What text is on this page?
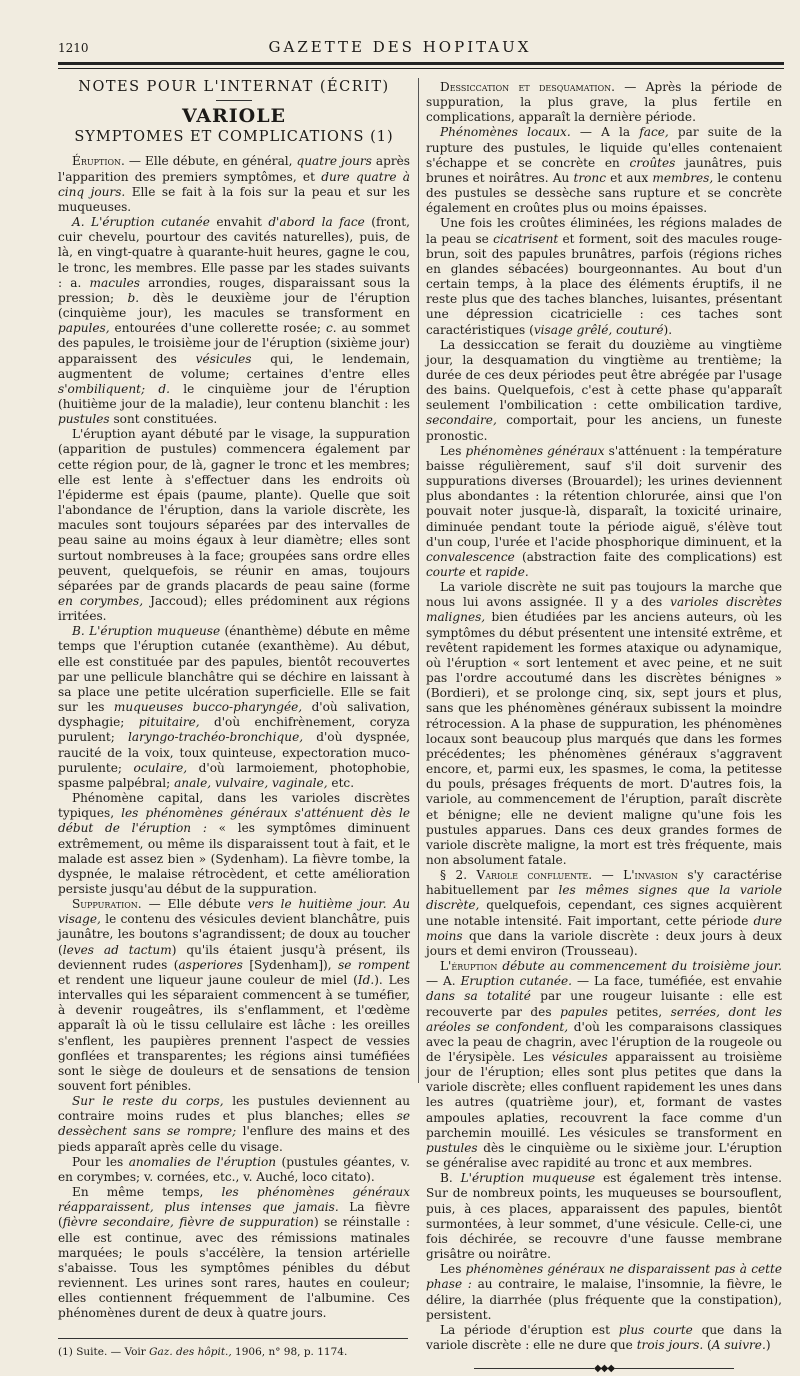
1210	GAZETTE DES HOPITAUX
NOTES POUR L'INTERNAT (ÉCRIT)
VARIOLE
SYMPTOMES ET COMPLICATIONS (1)

Éruption. — Elle débute, en général, quatre jours après l'apparition des premiers symptômes, et dure quatre à cinq jours. Elle se fait à la fois sur la peau et sur les muqueuses.

A. L'éruption cutanée envahit d'abord la face (front, cuir chevelu, pourtour des cavités naturelles), puis, de là, en vingt-quatre à quarante-huit heures, gagne le cou, le tronc, les membres. Elle passe par les stades suivants : a. macules arrondies, rouges, disparaissant sous la pression; b. dès le deuxième jour de l'éruption (cinquième jour), les macules se transforment en papules, entourées d'une collerette rosée; c. au sommet des papules, le troisième jour de l'éruption (sixième jour) apparaissent des vésicules qui, le lendemain, augmentent de volume; certaines d'entre elles s'ombiliquent; d. le cinquième jour de l'éruption (huitième jour de la maladie), leur contenu blanchit : les pustules sont constituées.

L'éruption ayant débuté par le visage, la suppuration (apparition de pustules) commencera également par cette région pour, de là, gagner le tronc et les membres; elle est lente à s'effectuer dans les endroits où l'épiderme est épais (paume, plante). Quelle que soit l'abondance de l'éruption, dans la variole discrète, les macules sont toujours séparées par des intervalles de peau saine au moins égaux à leur diamètre; elles sont surtout nombreuses à la face; groupées sans ordre elles peuvent, quelquefois, se réunir en amas, toujours séparées par de grands placards de peau saine (forme en corymbes, Jaccoud); elles prédominent aux régions irritées.

B. L'éruption muqueuse (énanthème) débute en même temps que l'éruption cutanée (exanthème). Au début, elle est constituée par des papules, bientôt recouvertes par une pellicule blanchâtre qui se déchire en laissant à sa place une petite ulcération superficielle. Elle se fait sur les muqueuses bucco-pharyngée, d'où salivation, dysphagie; pituitaire, d'où enchifrènement, coryza purulent; laryngo-trachéo-bronchique, d'où dyspnée, raucité de la voix, toux quinteuse, expectoration muco-purulente; oculaire, d'où larmoiement, photophobie, spasme palpébral; anale, vulvaire, vaginale, etc.

Phénomène capital, dans les varioles discrètes typiques, les phénomènes généraux s'atténuent dès le début de l'éruption : « les symptômes diminuent extrêmement, ou même ils disparaissent tout à fait, et le malade est assez bien » (Sydenham). La fièvre tombe, la dyspnée, le malaise rétrocèdent, et cette amélioration persiste jusqu'au début de la suppuration.

Suppuration. — Elle débute vers le huitième jour. Au visage, le contenu des vésicules devient blanchâtre, puis jaunâtre, les boutons s'agrandissent; de doux au toucher (leves ad tactum) qu'ils étaient jusqu'à présent, ils deviennent rudes (asperiores [Sydenham]), se rompent et rendent une liqueur jaune couleur de miel (Id.). Les intervalles qui les séparaient commencent à se tuméfier, à devenir rougeâtres, ils s'enflamment, et l'œdème apparaît là où le tissu cellulaire est lâche : les oreilles s'enflent, les paupières prennent l'aspect de vessies gonflées et transparentes; les régions ainsi tuméfiées sont le siège de douleurs et de sensations de tension souvent fort pénibles.

Sur le reste du corps, les pustules deviennent au contraire moins rudes et plus blanches; elles se dessèchent sans se rompre; l'enflure des mains et des pieds apparaît après celle du visage.

Pour les anomalies de l'éruption (pustules géantes, v. en corymbes; v. cornées, etc., v. Auché, loco citato).

En même temps, les phénomènes généraux réapparaissent, plus intenses que jamais. La fièvre (fièvre secondaire, fièvre de suppuration) se réinstalle : elle est continue, avec des rémissions matinales marquées; le pouls s'accélère, la tension artérielle s'abaisse. Tous les symptômes pénibles du début reviennent. Les urines sont rares, hautes en couleur; elles contiennent fréquemment de l'albumine. Ces phénomènes durent de deux à quatre jours.

(1) Suite. — Voir Gaz. des hôpit., 1906, n° 98, p. 1174.

Dessiccation et desquamation. — Après la période de suppuration, la plus grave, la plus fertile en complications, apparaît la dernière période.

Phénomènes locaux. — A la face, par suite de la rupture des pustules, le liquide qu'elles contenaient s'échappe et se concrète en croûtes jaunâtres, puis brunes et noirâtres. Au tronc et aux membres, le contenu des pustules se dessèche sans rupture et se concrète également en croûtes plus ou moins épaisses.

Une fois les croûtes éliminées, les régions malades de la peau se cicatrisent et forment, soit des macules rouge-brun, soit des papules brunâtres, parfois (régions riches en glandes sébacées) bourgeonnantes. Au bout d'un certain temps, à la place des éléments éruptifs, il ne reste plus que des taches blanches, luisantes, présentant une dépression cicatricielle : ces taches sont caractéristiques (visage grêlé, couturé).

La dessiccation se ferait du douzième au vingtième jour, la desquamation du vingtième au trentième; la durée de ces deux périodes peut être abrégée par l'usage des bains. Quelquefois, c'est à cette phase qu'apparaît seulement l'ombilication : cette ombilication tardive, secondaire, comportait, pour les anciens, un funeste pronostic.

Les phénomènes généraux s'atténuent : la température baisse régulièrement, sauf s'il doit survenir des suppurations diverses (Brouardel); les urines deviennent plus abondantes : la rétention chlorurée, ainsi que l'on pouvait noter jusque-là, disparaît, la toxicité urinaire, diminuée pendant toute la période aiguë, s'élève tout d'un coup, l'urée et l'acide phosphorique diminuent, et la convalescence (abstraction faite des complications) est courte et rapide.

La variole discrète ne suit pas toujours la marche que nous lui avons assignée. Il y a des varioles discrètes malignes, bien étudiées par les anciens auteurs, où les symptômes du début présentent une intensité extrême, et revêtent rapidement les formes ataxique ou adynamique, où l'éruption « sort lentement et avec peine, et ne suit pas l'ordre accoutumé dans les discrètes bénignes » (Bordieri), et se prolonge cinq, six, sept jours et plus, sans que les phénomènes généraux subissent la moindre rétrocession. A la phase de suppuration, les phénomènes locaux sont beaucoup plus marqués que dans les formes précédentes; les phénomènes généraux s'aggravent encore, et, parmi eux, les spasmes, le coma, la petitesse du pouls, présages fréquents de mort. D'autres fois, la variole, au commencement de l'éruption, paraît discrète et bénigne; elle ne devient maligne qu'une fois les pustules apparues. Dans ces deux grandes formes de variole discrète maligne, la mort est très fréquente, mais non absolument fatale.

§ 2. Variole confluente. — L'invasion s'y caractérise habituellement par les mêmes signes que la variole discrète, quelquefois, cependant, ces signes acquièrent une notable intensité. Fait important, cette période dure moins que dans la variole discrète : deux jours à deux jours et demi environ (Trousseau).

L'éruption débute au commencement du troisième jour. — A. Eruption cutanée. — La face, tuméfiée, est envahie dans sa totalité par une rougeur luisante : elle est recouverte par des papules petites, serrées, dont les aréoles se confondent, d'où les comparaisons classiques avec la peau de chagrin, avec l'éruption de la rougeole ou de l'érysipèle. Les vésicules apparaissent au troisième jour de l'éruption; elles sont plus petites que dans la variole discrète; elles confluent rapidement les unes dans les autres (quatrième jour), et, formant de vastes ampoules aplaties, recouvrent la face comme d'un parchemin mouillé. Les vésicules se transforment en pustules dès le cinquième ou le sixième jour. L'éruption se généralise avec rapidité au tronc et aux membres.

B. L'éruption muqueuse est également très intense. Sur de nombreux points, les muqueuses se boursouflent, puis, à ces places, apparaissent des papules, bientôt surmontées, à leur sommet, d'une vésicule. Celle-ci, une fois déchirée, se recouvre d'une fausse membrane grisâtre ou noirâtre.

Les phénomènes généraux ne disparaissent pas à cette phase : au contraire, le malaise, l'insomnie, la fièvre, le délire, la diarrhée (plus fréquente que la constipation), persistent.

La période d'éruption est plus courte que dans la variole discrète : elle ne dure que trois jours. (A suivre.)

◆◆◆
